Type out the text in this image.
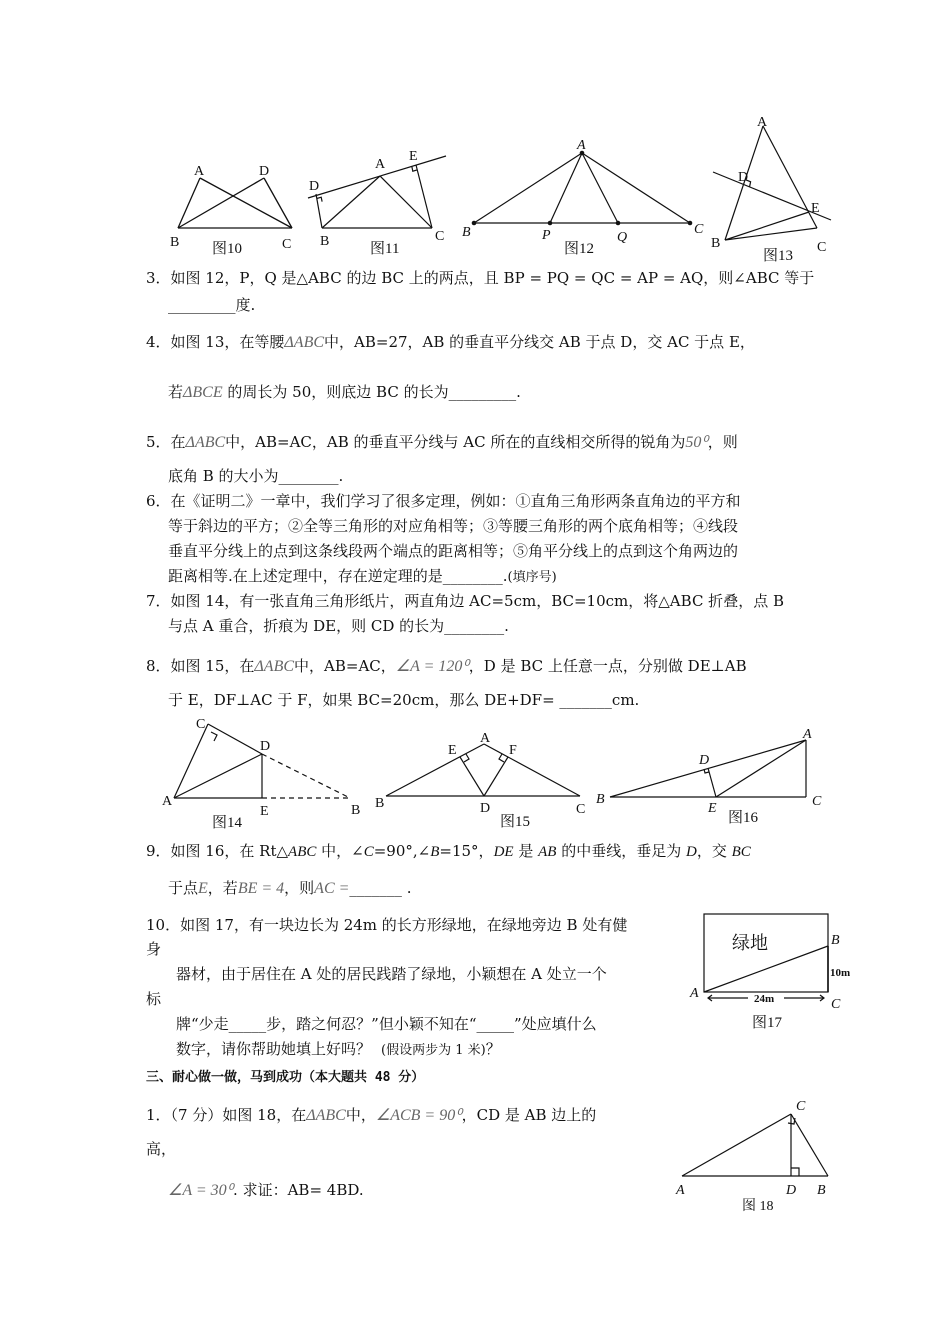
A	D
B	C
图10
A
E
D
B	C
图11
A
B	P	Q
C
图12
A
D
E
B	C
图13
3．如图 12，P，Q 是△ABC 的边 BC 上的两点，且 BP = PQ = QC = AP = AQ，则∠ABC 等于
_________度.
4．如图 13，在等腰ΔABC中，AB=27，AB 的垂直平分线交 AB 于点 D，交 AC 于点 E，
若ΔBCE 的周长为 50，则底边 BC 的长为_________.
5．在ΔABC中，AB=AC，AB 的垂直平分线与 AC 所在的直线相交所得的锐角为50⁰，则
底角 B 的大小为________.
6．在《证明二》一章中，我们学习了很多定理，例如：①直角三角形两条直角边的平方和
等于斜边的平方；②全等三角形的对应角相等；③等腰三角形的两个底角相等；④线段
垂直平分线上的点到这条线段两个端点的距离相等；⑤角平分线上的点到这个角两边的
距离相等.在上述定理中，存在逆定理的是________.(填序号)
7．如图 14，有一张直角三角形纸片，两直角边 AC=5cm，BC=10cm，将△ABC 折叠，点 B
与点 A 重合，折痕为 DE，则 CD 的长为________.
8．如图 15，在ΔABC中，AB=AC，∠A = 120⁰，D 是 BC 上任意一点，分别做 DE⊥AB
于 E，DF⊥AC 于 F，如果 BC=20cm，那么 DE+DF= _______cm.
C
D
A
E	B
图14
A
E	F
B	D	C
图15
A
D
B
E	C
图16
9．如图 16，在 Rt△ABC 中，∠C=90°,∠B=15°，DE 是 AB 的中垂线，垂足为 D，交 BC
于点E，若BE = 4，则AC =_______ .
10．如图 17，有一块边长为 24m 的长方形绿地，在绿地旁边 B 处有健
身
器材，由于居住在 A 处的居民践踏了绿地，小颖想在 A 处立一个
标
牌“少走_____步，踏之何忍？”但小颖不知在“_____”处应填什么
数字，请你帮助她填上好吗？ (假设两步为 1 米)？
绿地
A
B
C
10m
24m
图17
三、耐心做一做，马到成功（本大题共 48 分）
1．（7 分）如图 18，在ΔABC中，∠ACB = 90⁰，CD 是 AB 边上的
高，
∠A = 30⁰. 求证：AB= 4BD.
C
A	D B
图 18
